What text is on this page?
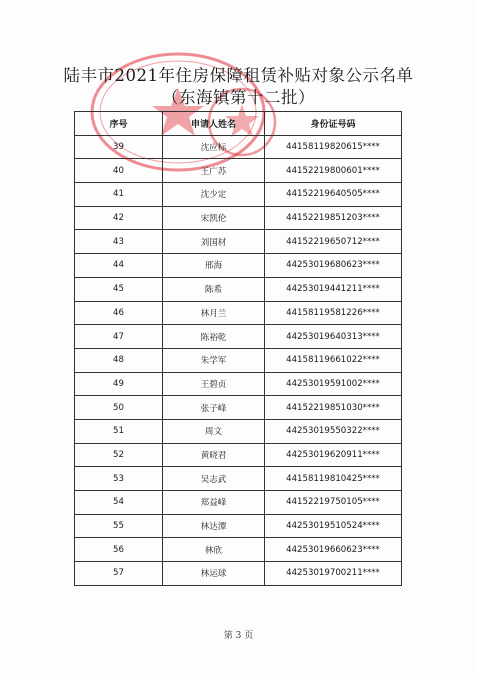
陆丰市2021年住房保障租赁补贴对象公示名单
（东海镇第十二批）
序号	申请人姓名	身份证号码
39	沈应标	44158119820615****
40	王广苏	44152219800601****
41	沈少定	44152219640505****
42	宋凯伦	44152219851203****
43	刘国材	44152219650712****
44	邢海	44253019680623****
45	陈希	44253019441211****
46	林月兰	44158119581226****
47	陈裕乾	44253019640313****
48	朱学军	44158119661022****
49	王碧贞	44253019591002****
50	张子峰	44152219851030****
51	周文	44253019550322****
52	黄晓君	44253019620911****
53	吴志武	44158119810425****
54	郑益峰	44152219750105****
55	林达潭	44253019510524****
56	林欣	44253019660623****
57	林运球	44253019700211****
第 3 页
